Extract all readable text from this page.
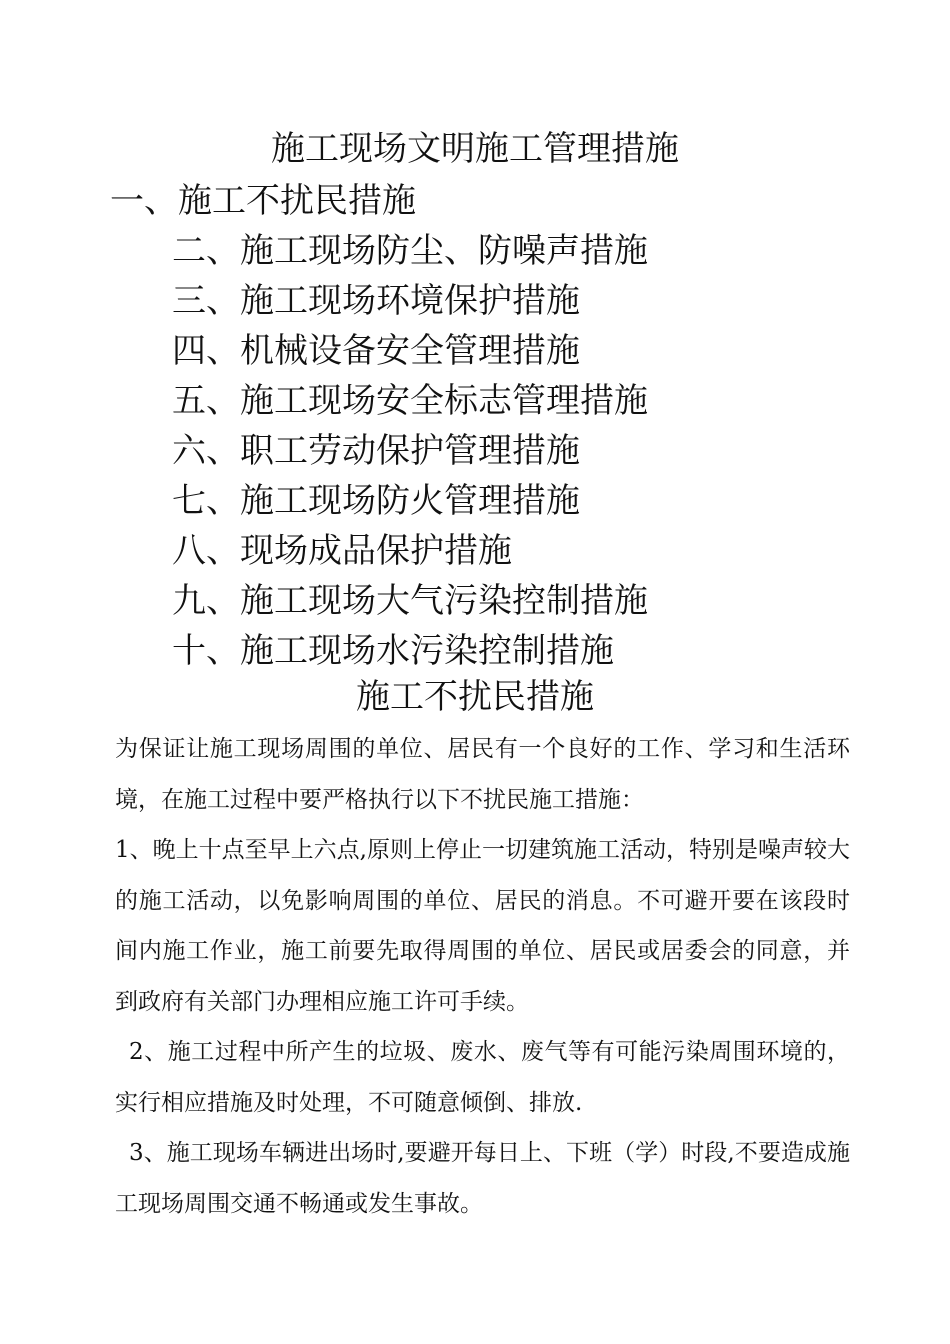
施工现场文明施工管理措施
一、施工不扰民措施
二、施工现场防尘、防噪声措施
三、施工现场环境保护措施
四、机械设备安全管理措施
五、施工现场安全标志管理措施
六、职工劳动保护管理措施
七、施工现场防火管理措施
八、现场成品保护措施
九、施工现场大气污染控制措施
十、施工现场水污染控制措施
施工不扰民措施

为保证让施工现场周围的单位、居民有一个良好的工作、学习和生活环境，在施工过程中要严格执行以下不扰民施工措施：

1、晚上十点至早上六点,原则上停止一切建筑施工活动，特别是噪声较大的施工活动，以免影响周围的单位、居民的消息。不可避开要在该段时间内施工作业，施工前要先取得周围的单位、居民或居委会的同意，并到政府有关部门办理相应施工许可手续。

2、施工过程中所产生的垃圾、废水、废气等有可能污染周围环境的，实行相应措施及时处理，不可随意倾倒、排放.

3、施工现场车辆进出场时,要避开每日上、下班（学）时段,不要造成施工现场周围交通不畅通或发生事故。
